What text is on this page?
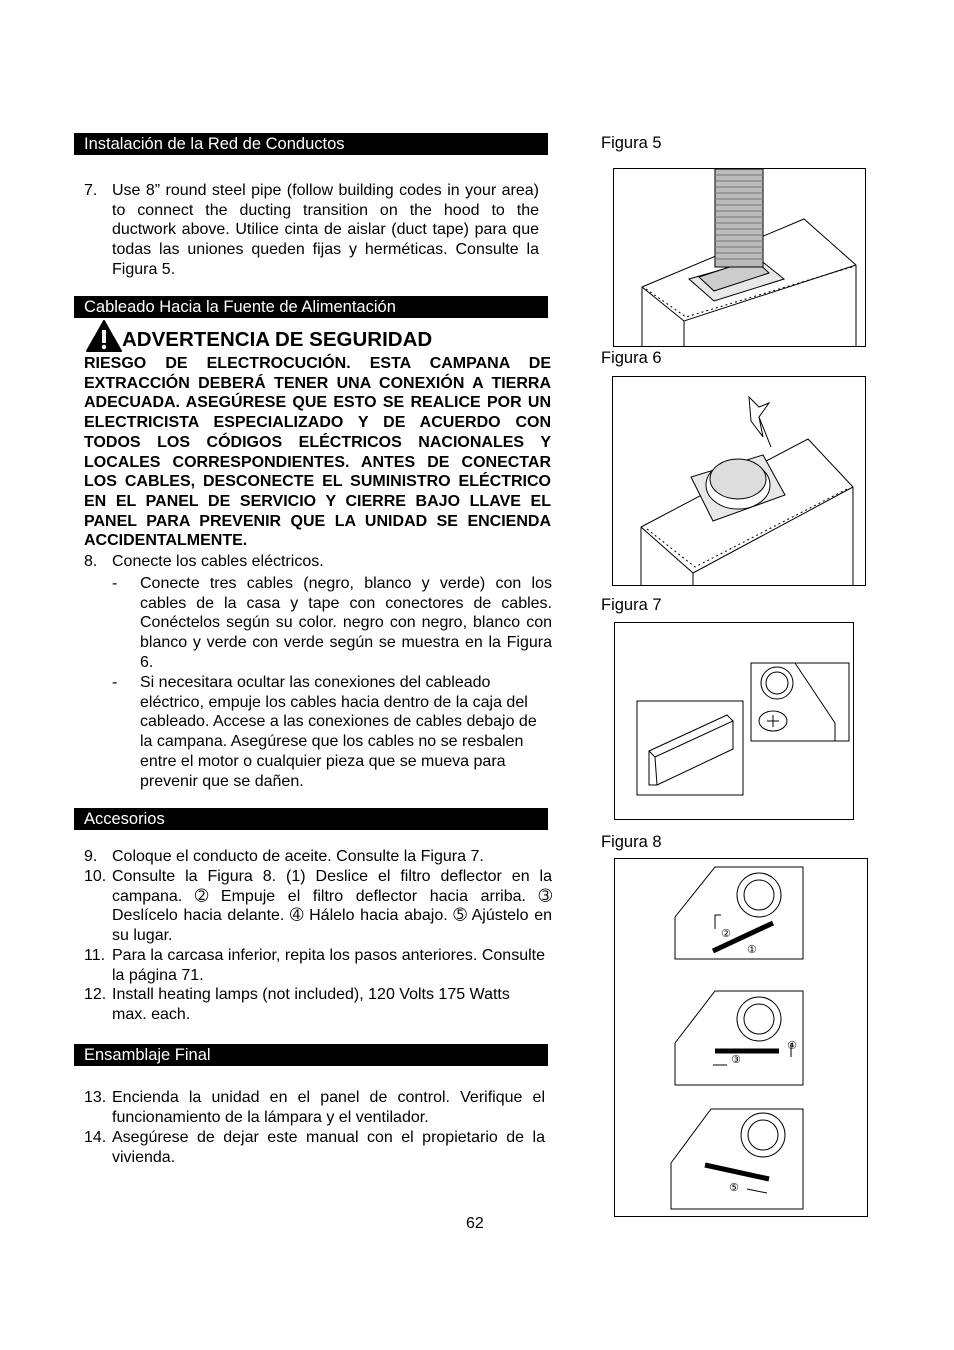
Instalación de la Red de Conductos
7. Use 8” round steel pipe (follow building codes in your area) to connect the ducting transition on the hood to the ductwork above. Utilice cinta de aislar (duct tape) para que todas las uniones queden fijas y herméticas. Consulte la Figura 5.
Cableado Hacia la Fuente de Alimentación
ADVERTENCIA DE SEGURIDAD
RIESGO DE ELECTROCUCIÓN. ESTA CAMPANA DE EXTRACCIÓN DEBERÁ TENER UNA CONEXIÓN A TIERRA ADECUADA. ASEGÚRESE QUE ESTO SE REALICE POR UN ELECTRICISTA ESPECIALIZADO Y DE ACUERDO CON TODOS LOS CÓDIGOS ELÉCTRICOS NACIONALES Y LOCALES CORRESPONDIENTES. ANTES DE CONECTAR LOS CABLES, DESCONECTE EL SUMINISTRO ELÉCTRICO EN EL PANEL DE SERVICIO Y CIERRE BAJO LLAVE EL PANEL PARA PREVENIR QUE LA UNIDAD SE ENCIENDA ACCIDENTALMENTE.
8. Conecte los cables eléctricos.
- Conecte tres cables (negro, blanco y verde) con los cables de la casa y tape con conectores de cables. Conéctelos según su color. negro con negro, blanco con blanco y verde con verde según se muestra en la Figura 6.
- Si necesitara ocultar las conexiones del cableado eléctrico, empuje los cables hacia dentro de la caja del cableado. Accese a las conexiones de cables debajo de la campana. Asegúrese que los cables no se resbalen entre el motor o cualquier pieza que se mueva para prevenir que se dañen.
Accesorios
9. Coloque el conducto de aceite. Consulte la Figura 7.
10. Consulte la Figura 8. (1) Deslice el filtro deflector en la campana. ➁ Empuje el filtro deflector hacia arriba. ➂ Deslícelo hacia delante. ➃ Hálelo hacia abajo. ➄ Ajústelo en su lugar.
11. Para la carcasa inferior, repita los pasos anteriores. Consulte la página 71.
12. Install heating lamps (not included), 120 Volts 175 Watts max. each.
Ensamblaje Final
13. Encienda la unidad en el panel de control. Verifique el funcionamiento de la lámpara y el ventilador.
14. Asegúrese de dejar este manual con el propietario de la vivienda.
Figura 5
Figura 6
Figura 7
Figura 8
②
①
④
③
⑤
62
